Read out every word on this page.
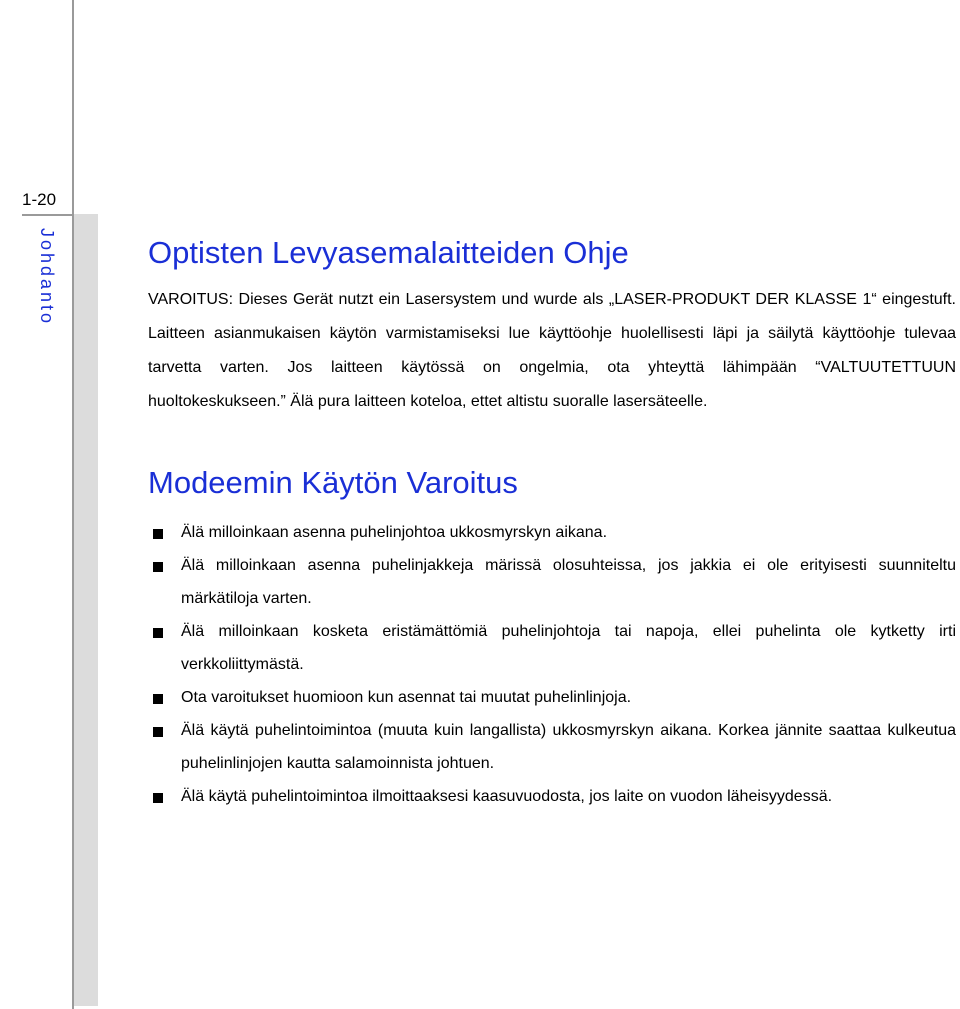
1-20
Johdanto	Optisten Levyasemalaitteiden Ohje
VAROITUS: Dieses Gerät nutzt ein Lasersystem und wurde als „LASER-PRODUKT DER KLASSE 1“ eingestuft. Laitteen asianmukaisen käytön varmistamiseksi lue käyttöohje huolellisesti läpi ja säilytä käyttöohje tulevaa tarvetta varten. Jos laitteen käytössä on ongelmia, ota yhteyttä lähimpään “VALTUUTETTUUN huoltokeskukseen.” Älä pura laitteen koteloa, ettet altistu suoralle lasersäteelle.
Modeemin Käytön Varoitus
Älä milloinkaan asenna puhelinjohtoa ukkosmyrskyn aikana.
Älä milloinkaan asenna puhelinjakkeja märissä olosuhteissa, jos jakkia ei ole erityisesti suunniteltu märkätiloja varten.
Älä milloinkaan kosketa eristämättömiä puhelinjohtoja tai napoja, ellei puhelinta ole kytketty irti verkkoliittymästä.
Ota varoitukset huomioon kun asennat tai muutat puhelinlinjoja.
Älä käytä puhelintoimintoa (muuta kuin langallista) ukkosmyrskyn aikana. Korkea jännite saattaa kulkeutua puhelinlinjojen kautta salamoinnista johtuen.
Älä käytä puhelintoimintoa ilmoittaaksesi kaasuvuodosta, jos laite on vuodon läheisyydessä.
